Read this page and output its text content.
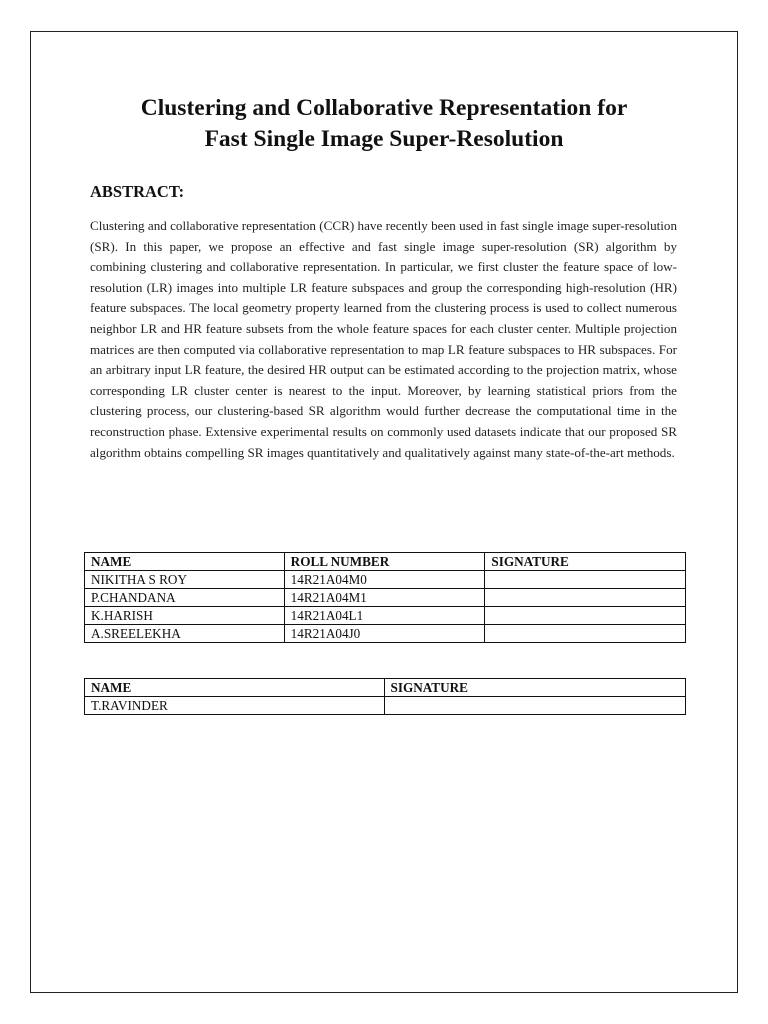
Clustering and Collaborative Representation for
Fast Single Image Super-Resolution
ABSTRACT:

Clustering and collaborative representation (CCR) have recently been used in fast single image super-resolution (SR). In this paper, we propose an effective and fast single image super-resolution (SR) algorithm by combining clustering and collaborative representation. In particular, we first cluster the feature space of low-resolution (LR) images into multiple LR feature subspaces and group the corresponding high-resolution (HR) feature subspaces. The local geometry property learned from the clustering process is used to collect numerous neighbor LR and HR feature subsets from the whole feature spaces for each cluster center. Multiple projection matrices are then computed via collaborative representation to map LR feature subspaces to HR subspaces. For an arbitrary input LR feature, the desired HR output can be estimated according to the projection matrix, whose corresponding LR cluster center is nearest to the input. Moreover, by learning statistical priors from the clustering process, our clustering-based SR algorithm would further decrease the computational time in the reconstruction phase. Extensive experimental results on commonly used datasets indicate that our proposed SR algorithm obtains compelling SR images quantitatively and qualitatively against many state-of-the-art methods.

NAME	ROLL NUMBER	SIGNATURE
NIKITHA S ROY	14R21A04M0	
P.CHANDANA	14R21A04M1	
K.HARISH	14R21A04L1	
A.SREELEKHA	14R21A04J0	
NAME	SIGNATURE
T.RAVINDER	
